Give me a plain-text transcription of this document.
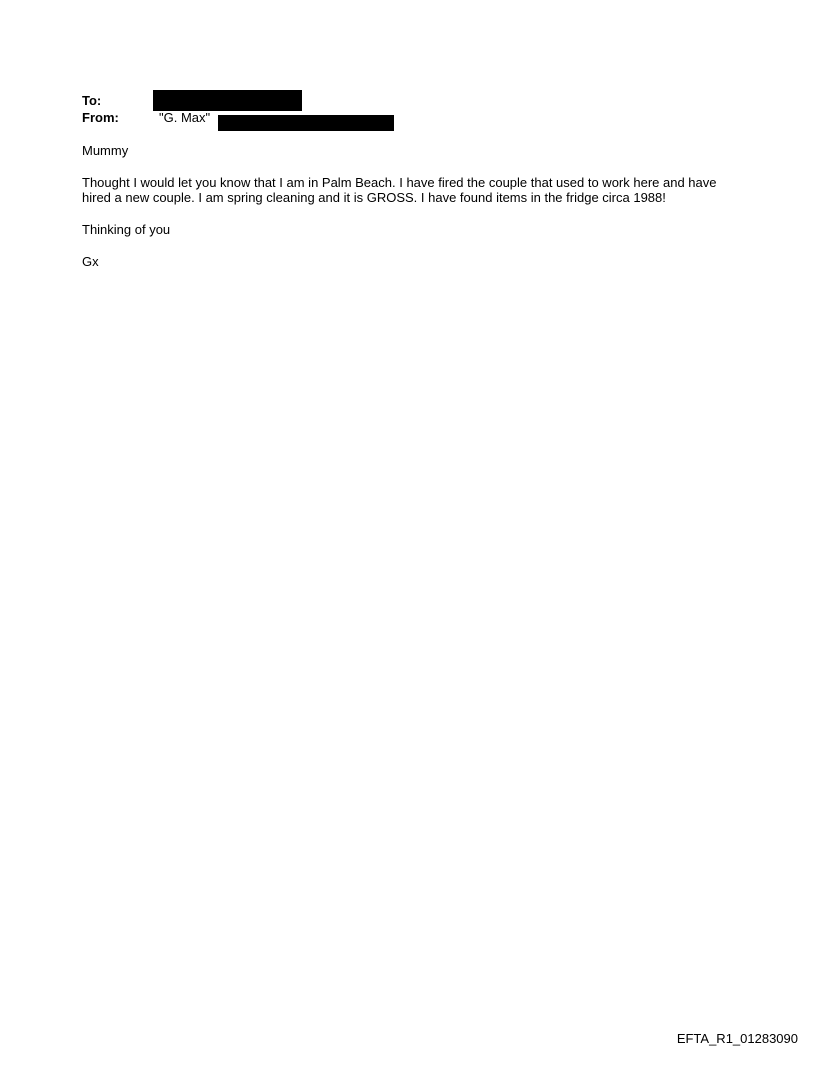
To:
From:	"G. Max"

Mummy

Thought I would let you know that I am in Palm Beach. I have fired the couple that used to work here and have hired a new couple. I am spring cleaning and it is GROSS. I have found items in the fridge circa 1988!

Thinking of you

Gx

EFTA_R1_01283090
